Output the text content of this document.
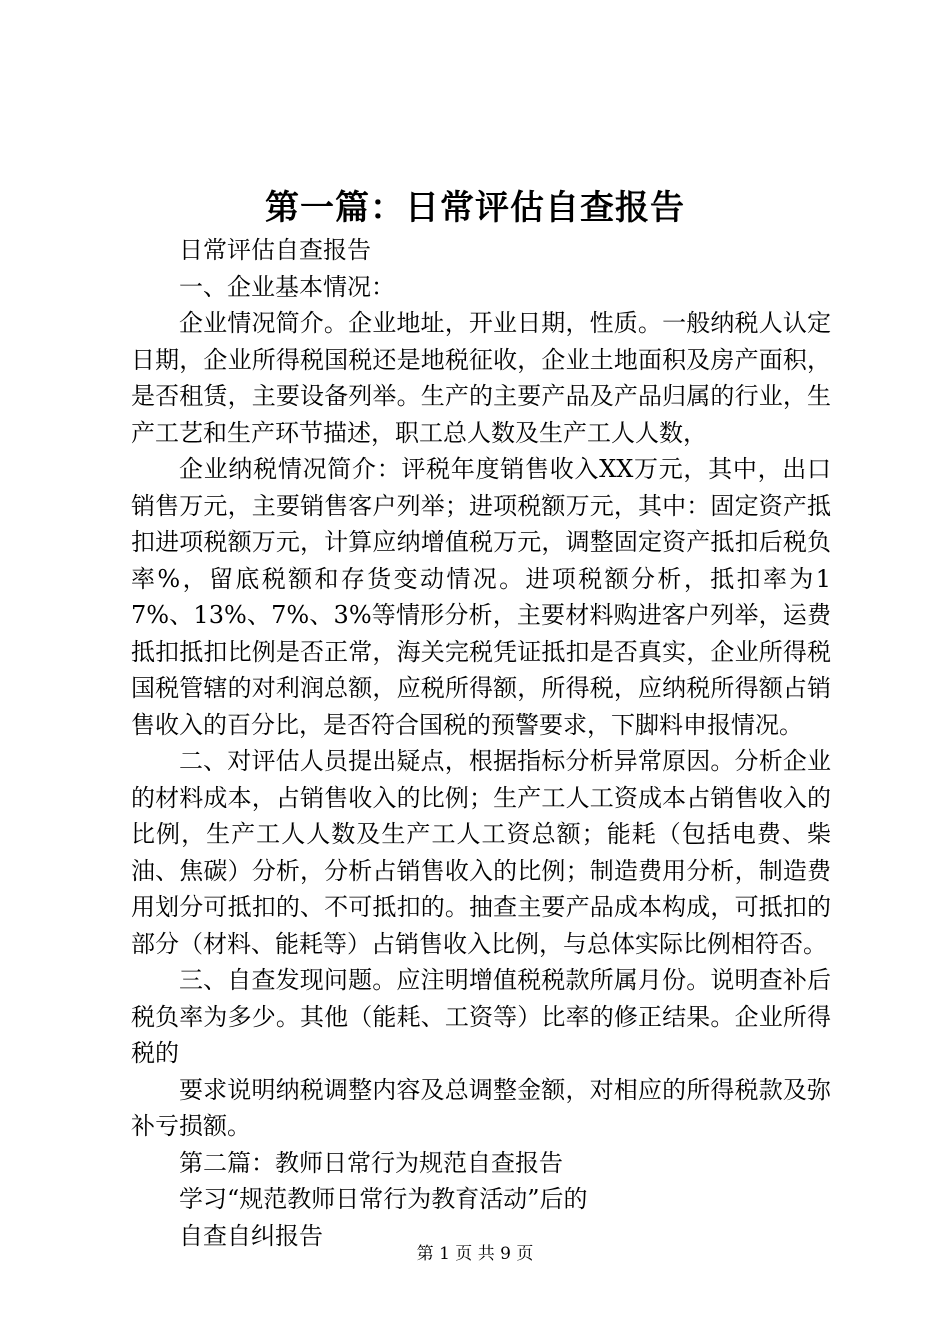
第一篇：日常评估自查报告

日常评估自查报告

一、企业基本情况：

企业情况简介。企业地址，开业日期，性质。一般纳税人认定日期，企业所得税国税还是地税征收，企业土地面积及房产面积，是否租赁，主要设备列举。生产的主要产品及产品归属的行业，生产工艺和生产环节描述，职工总人数及生产工人人数，

企业纳税情况简介：评税年度销售收入XX万元，其中，出口销售万元，主要销售客户列举；进项税额万元，其中：固定资产抵扣进项税额万元，计算应纳增值税万元，调整固定资产抵扣后税负率%，留底税额和存货变动情况。进项税额分析，抵扣率为17%、13%、7%、3%等情形分析，主要材料购进客户列举，运费抵扣抵扣比例是否正常，海关完税凭证抵扣是否真实，企业所得税国税管辖的对利润总额，应税所得额，所得税，应纳税所得额占销售收入的百分比，是否符合国税的预警要求，下脚料申报情况。

二、对评估人员提出疑点，根据指标分析异常原因。分析企业的材料成本，占销售收入的比例；生产工人工资成本占销售收入的比例，生产工人人数及生产工人工资总额；能耗（包括电费、柴油、焦碳）分析，分析占销售收入的比例；制造费用分析，制造费用划分可抵扣的、不可抵扣的。抽查主要产品成本构成，可抵扣的部分（材料、能耗等）占销售收入比例，与总体实际比例相符否。

三、自查发现问题。应注明增值税税款所属月份。说明查补后税负率为多少。其他（能耗、工资等）比率的修正结果。企业所得税的

要求说明纳税调整内容及总调整金额，对相应的所得税款及弥补亏损额。

第二篇：教师日常行为规范自查报告

学习“规范教师日常行为教育活动”后的

自查自纠报告

第 1 页 共 9 页
